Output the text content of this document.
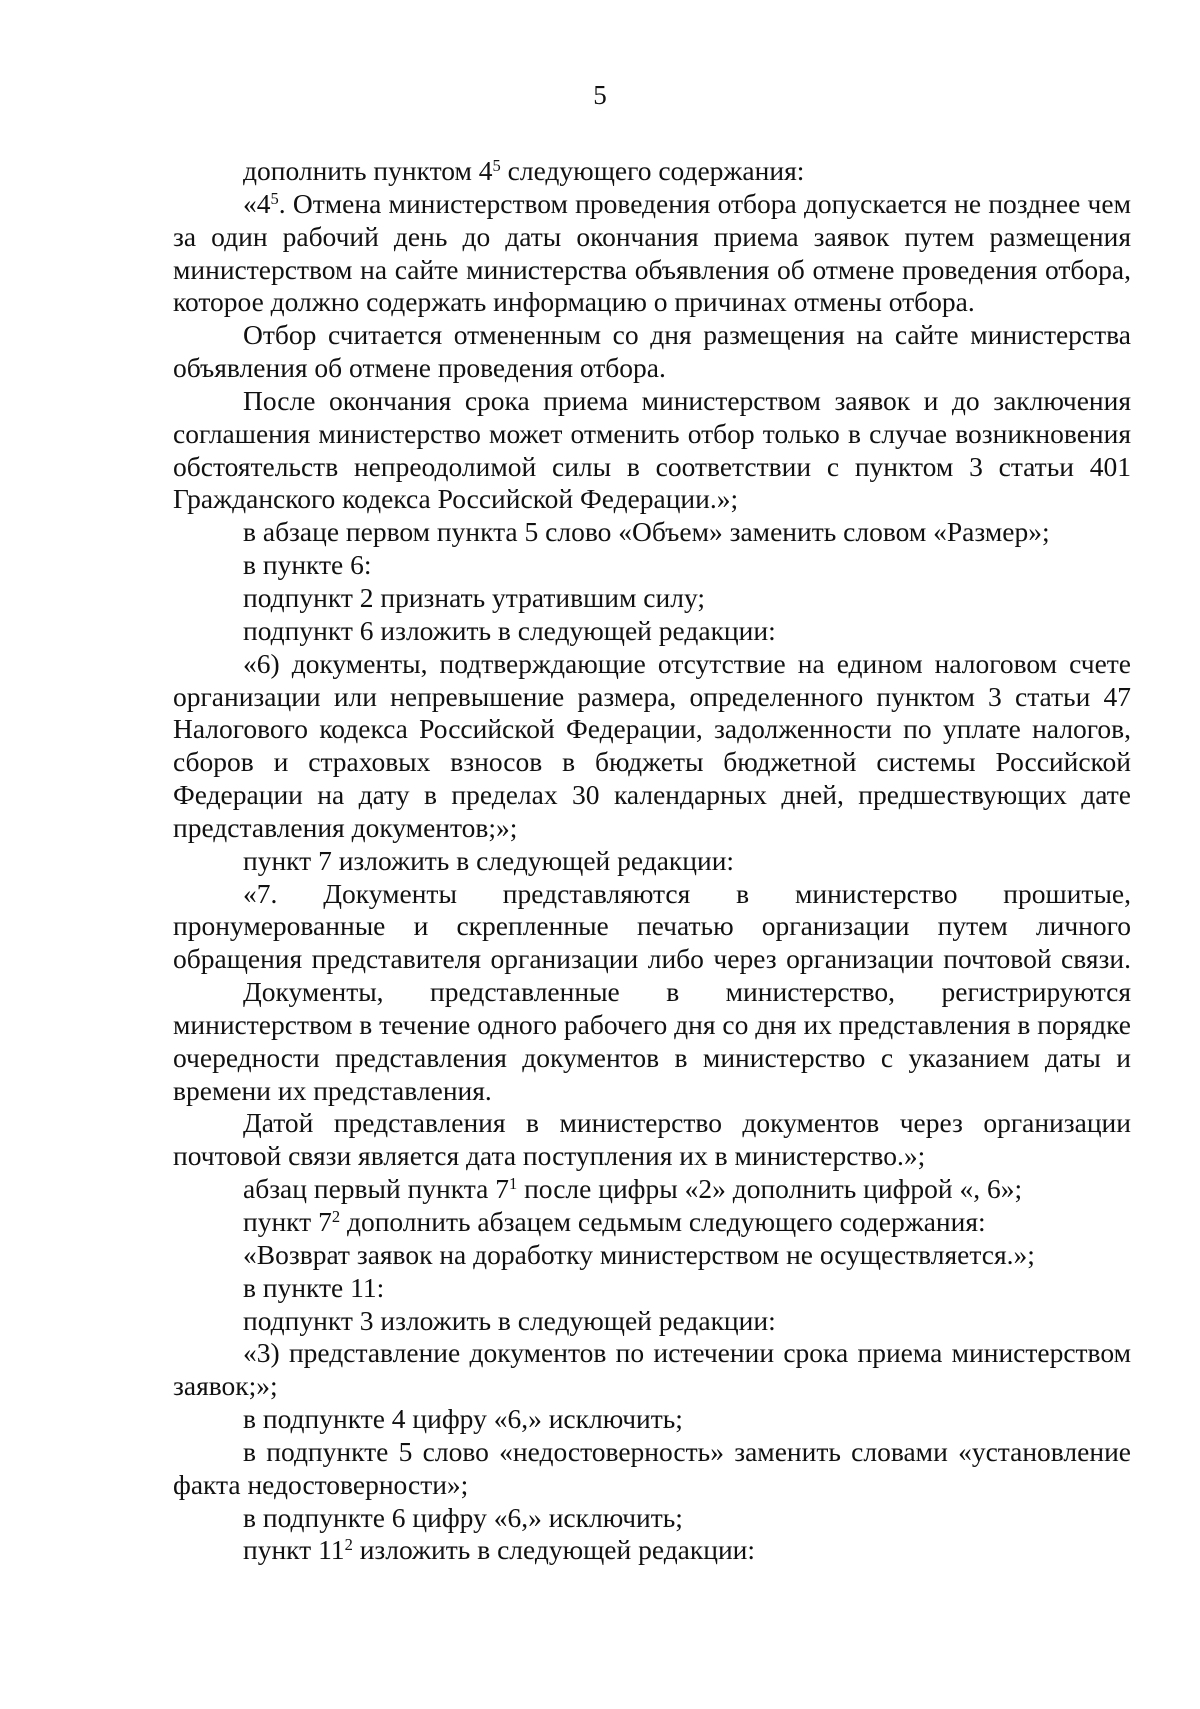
5

дополнить пунктом $4^5$ следующего содержания:

«$4^5$. Отмена министерством проведения отбора допускается не позднее чем за один рабочий день до даты окончания приема заявок путем размещения министерством на сайте министерства объявления об отмене проведения отбора, которое должно содержать информацию о причинах отмены отбора.

Отбор считается отмененным со дня размещения на сайте министерства объявления об отмене проведения отбора.

После окончания срока приема министерством заявок и до заключения соглашения министерство может отменить отбор только в случае возникновения обстоятельств непреодолимой силы в соответствии с пунктом 3 статьи 401 Гражданского кодекса Российской Федерации.»;

в абзаце первом пункта 5 слово «Объем» заменить словом «Размер»;

в пункте 6:

подпункт 2 признать утратившим силу;

подпункт 6 изложить в следующей редакции:

«6) документы, подтверждающие отсутствие на едином налоговом счете организации или непревышение размера, определенного пунктом 3 статьи 47 Налогового кодекса Российской Федерации, задолженности по уплате налогов, сборов и страховых взносов в бюджеты бюджетной системы Российской Федерации на дату в пределах 30 календарных дней, предшествующих дате представления документов;»;

пункт 7 изложить в следующей редакции:

«7. Документы представляются в министерство прошитые, пронумерованные и скрепленные печатью организации путем личного обращения представителя организации либо через организации почтовой связи.

Документы, представленные в министерство, регистрируются министерством в течение одного рабочего дня со дня их представления в порядке очередности представления документов в министерство с указанием даты и времени их представления.

Датой представления в министерство документов через организации почтовой связи является дата поступления их в министерство.»;

абзац первый пункта $7^1$ после цифры «2» дополнить цифрой «, 6»;

пункт $7^2$ дополнить абзацем седьмым следующего содержания:

«Возврат заявок на доработку министерством не осуществляется.»;

в пункте 11:

подпункт 3 изложить в следующей редакции:

«3) представление документов по истечении срока приема министерством заявок;»;

в подпункте 4 цифру «6,» исключить;

в подпункте 5 слово «недостоверность» заменить словами «установление факта недостоверности»;

в подпункте 6 цифру «6,» исключить;

пункт $11^2$ изложить в следующей редакции:
